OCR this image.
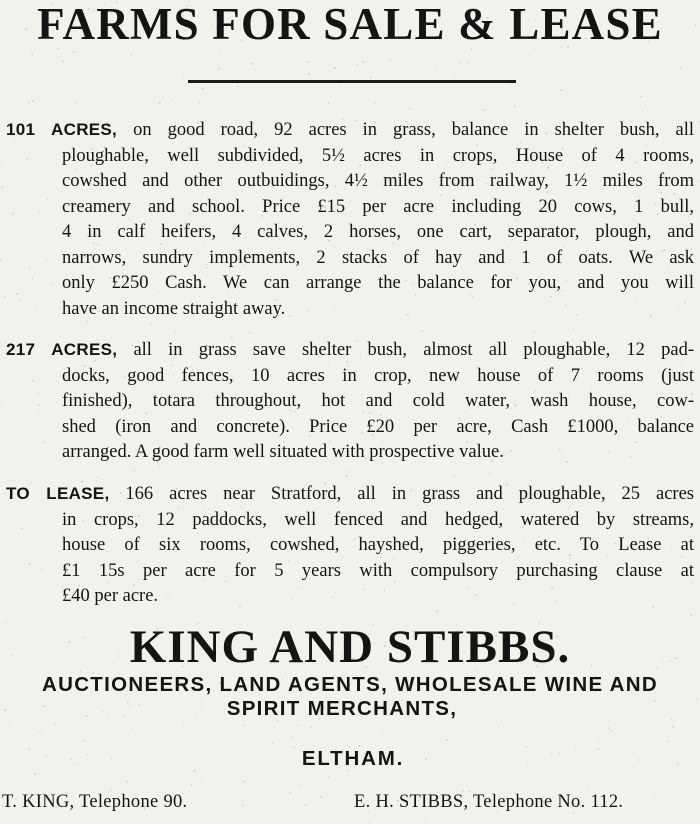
FARMS FOR SALE & LEASE
101 ACRES, on good road, 92 acres in grass, balance in shelter bush, all
ploughable, well subdivided, 5½ acres in crops, House of 4 rooms,
cowshed and other outbuidings, 4½ miles from railway, 1½ miles from
creamery and school. Price £15 per acre including 20 cows, 1 bull,
4 in calf heifers, 4 calves, 2 horses, one cart, separator, plough, and
narrows, sundry implements, 2 stacks of hay and 1 of oats. We ask
only £250 Cash. We can arrange the balance for you, and you will
have an income straight away.
217 ACRES, all in grass save shelter bush, almost all ploughable, 12 pad-
docks, good fences, 10 acres in crop, new house of 7 rooms (just
finished), totara throughout, hot and cold water, wash house, cow-
shed (iron and concrete). Price £20 per acre, Cash £1000, balance
arranged. A good farm well situated with prospective value.
TO LEASE, 166 acres near Stratford, all in grass and ploughable, 25 acres
in crops, 12 paddocks, well fenced and hedged, watered by streams,
house of six rooms, cowshed, hayshed, piggeries, etc. To Lease at
£1 15s per acre for 5 years with compulsory purchasing clause at
£40 per acre.
KING AND STIBBS.
AUCTIONEERS, LAND AGENTS, WHOLESALE WINE AND
SPIRIT MERCHANTS,
ELTHAM.
T. KING, Telephone 90.	E. H. STIBBS, Telephone No. 112.
